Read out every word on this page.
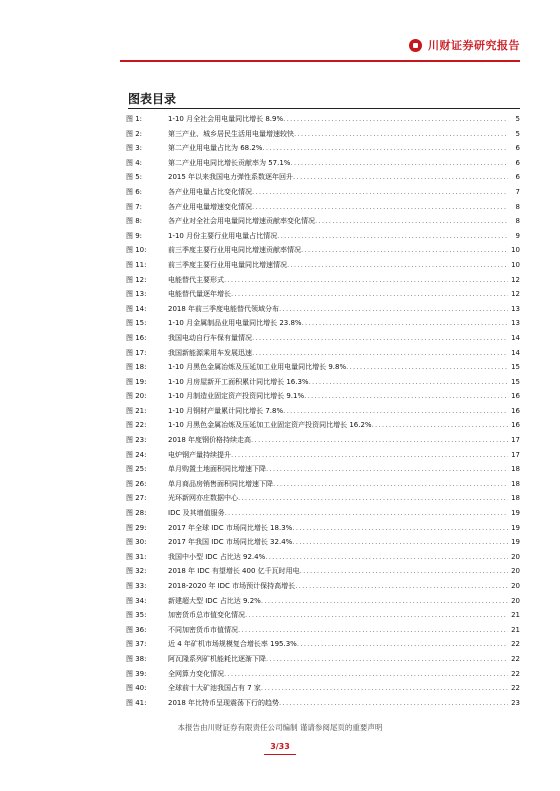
川财证券研究报告
图表目录
图 1:	1-10 月全社会用电量同比增长 8.9% . . .	5
图 2:	第三产业、城乡居民生活用电量增速较快 . . .	5
图 3:	第二产业用电量占比为 68.2% . . .	6
图 4:	第二产业用电同比增长贡献率为 57.1% . . .	6
图 5:	2015 年以来我国电力弹性系数逐年回升 . . .	6
图 6:	各产业用电量占比变化情况 . . .	7
图 7:	各产业用电量增速变化情况 . . .	8
图 8:	各产业对全社会用电量同比增速贡献率变化情况 . . .	8
图 9:	1-10 月份主要行业用电量占比情况 . . .	9
图 10:	前三季度主要行业用电同比增速贡献率情况 . . .	10
图 11:	前三季度主要行业用电量同比增速情况 . . .	10
图 12:	电能替代主要形式 . . .	12
图 13:	电能替代量逐年增长 . . .	12
图 14:	2018 年前三季度电能替代领域分布 . . .	13
图 15:	1-10 月金属制品业用电量同比增长 23.8% . . .	13
图 16:	我国电动自行车保有量情况 . . .	14
图 17:	我国新能源乘用车发展迅速 . . .	14
图 18:	1-10 月黑色金属冶炼及压延加工业用电量同比增长 9.8% . . .	15
图 19:	1-10 月房屋新开工面积累计同比增长 16.3% . . .	15
图 20:	1-10 月制造业固定资产投资同比增长 9.1% . . .	16
图 21:	1-10 月钢材产量累计同比增长 7.8% . . .	16
图 22:	1-10 月黑色金属冶炼及压延加工业固定资产投资同比增长 16.2% . . .	16
图 23:	2018 年度钢价格持续走高 . . .	17
图 24:	电炉钢产量持续提升 . . .	17
图 25:	单月购置土地面积同比增速下降 . . .	18
图 26:	单月商品房销售面积同比增速下降 . . .	18
图 27:	光环新网亦庄数据中心 . . .	18
图 28:	IDC 及其增值服务 . . .	19
图 29:	2017 年全球 IDC 市场同比增长 18.3% . . .	19
图 30:	2017 年我国 IDC 市场同比增长 32.4% . . .	19
图 31:	我国中小型 IDC 占比达 92.4% . . .	20
图 32:	2018 年 IDC 有望增长 400 亿千瓦时用电 . . .	20
图 33:	2018-2020 年 IDC 市场预计保持高增长 . . .	20
图 34:	新建超大型 IDC 占比达 9.2% . . .	20
图 35:	加密货币总市值变化情况 . . .	21
图 36:	不同加密货币市值情况 . . .	21
图 37:	近 4 年矿机市场规模复合增长率 195.3% . . .	22
图 38:	阿瓦隆系列矿机能耗比逐渐下降 . . .	22
图 39:	全网算力变化情况 . . .	22
图 40:	全球前十大矿池我国占有 7 家 . . .	22
图 41:	2018 年比特币呈现震荡下行的趋势 . . .	23
本报告由川财证券有限责任公司编制 谨请参阅尾页的重要声明
3/33
